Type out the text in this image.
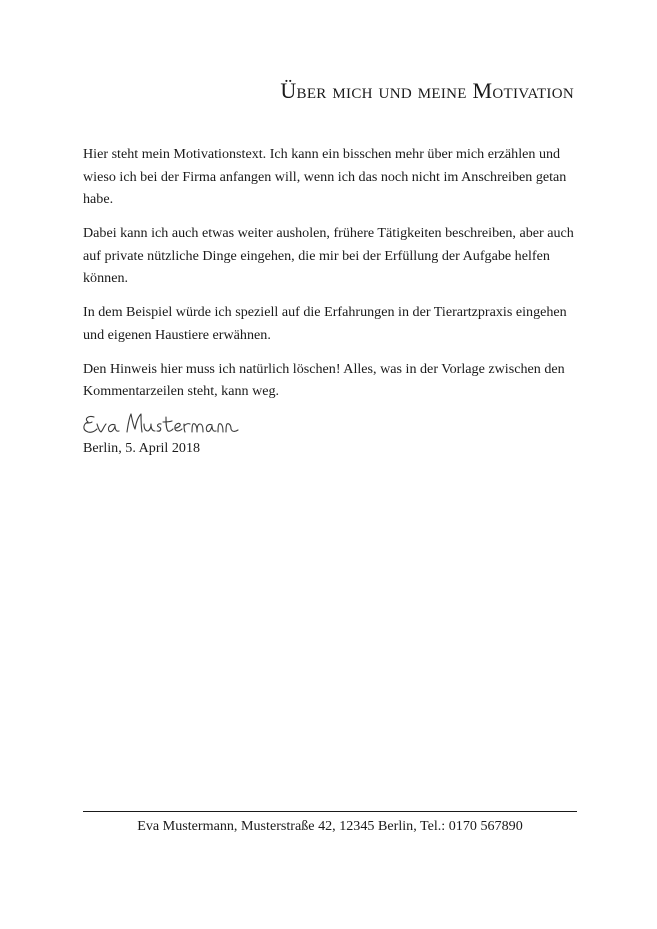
Über mich und meine Motivation

Hier steht mein Motivationstext. Ich kann ein bisschen mehr über mich erzählen und wieso ich bei der Firma anfangen will, wenn ich das noch nicht im Anschreiben getan habe.

Dabei kann ich auch etwas weiter ausholen, frühere Tätigkeiten beschreiben, aber auch auf private nützliche Dinge eingehen, die mir bei der Erfüllung der Aufgabe helfen können.

In dem Beispiel würde ich speziell auf die Erfahrungen in der Tierartzpraxis eingehen und eigenen Haustiere erwähnen.

Den Hinweis hier muss ich natürlich löschen! Alles, was in der Vorlage zwischen den Kommentarzeilen steht, kann weg.

Berlin, 5. April 2018
Eva Mustermann, Musterstraße 42, 12345 Berlin, Tel.: 0170 567890
